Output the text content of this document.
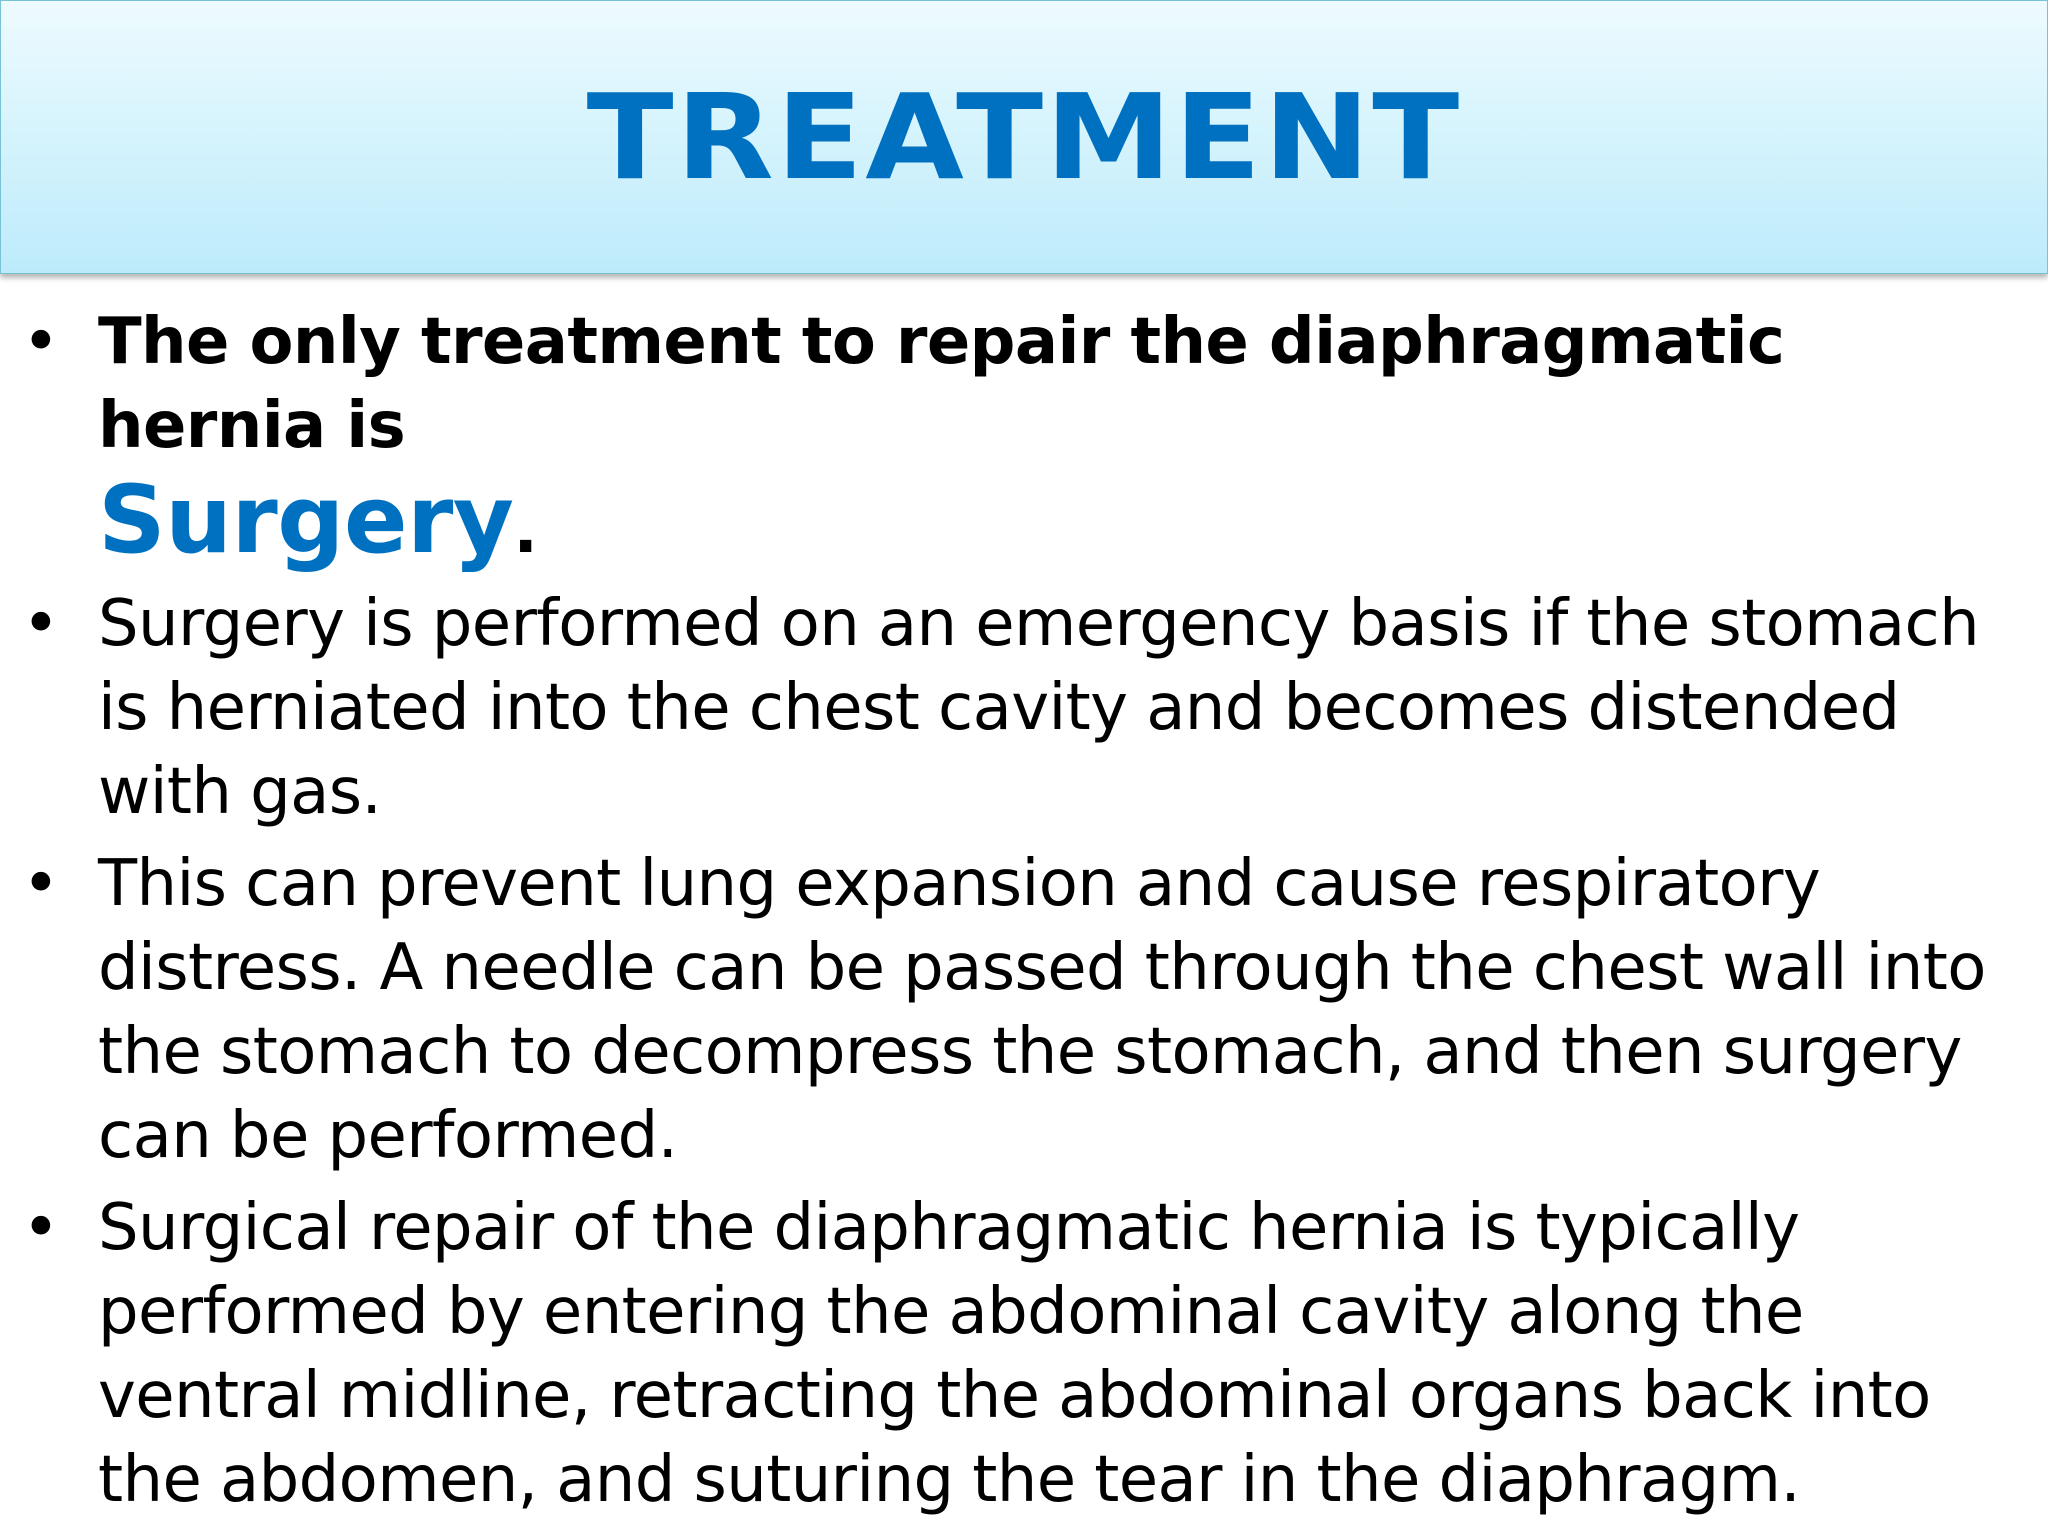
TREATMENT
• The only treatment to repair the diaphragmatic hernia is
Surgery.
• Surgery is performed on an emergency basis if the stomach is herniated into the chest cavity and becomes distended with gas.
• This can prevent lung expansion and cause respiratory distress. A needle can be passed through the chest wall into the stomach to decompress the stomach, and then surgery can be performed.
• Surgical repair of the diaphragmatic hernia is typically performed by entering the abdominal cavity along the ventral midline, retracting the abdominal organs back into the abdomen, and suturing the tear in the diaphragm.
